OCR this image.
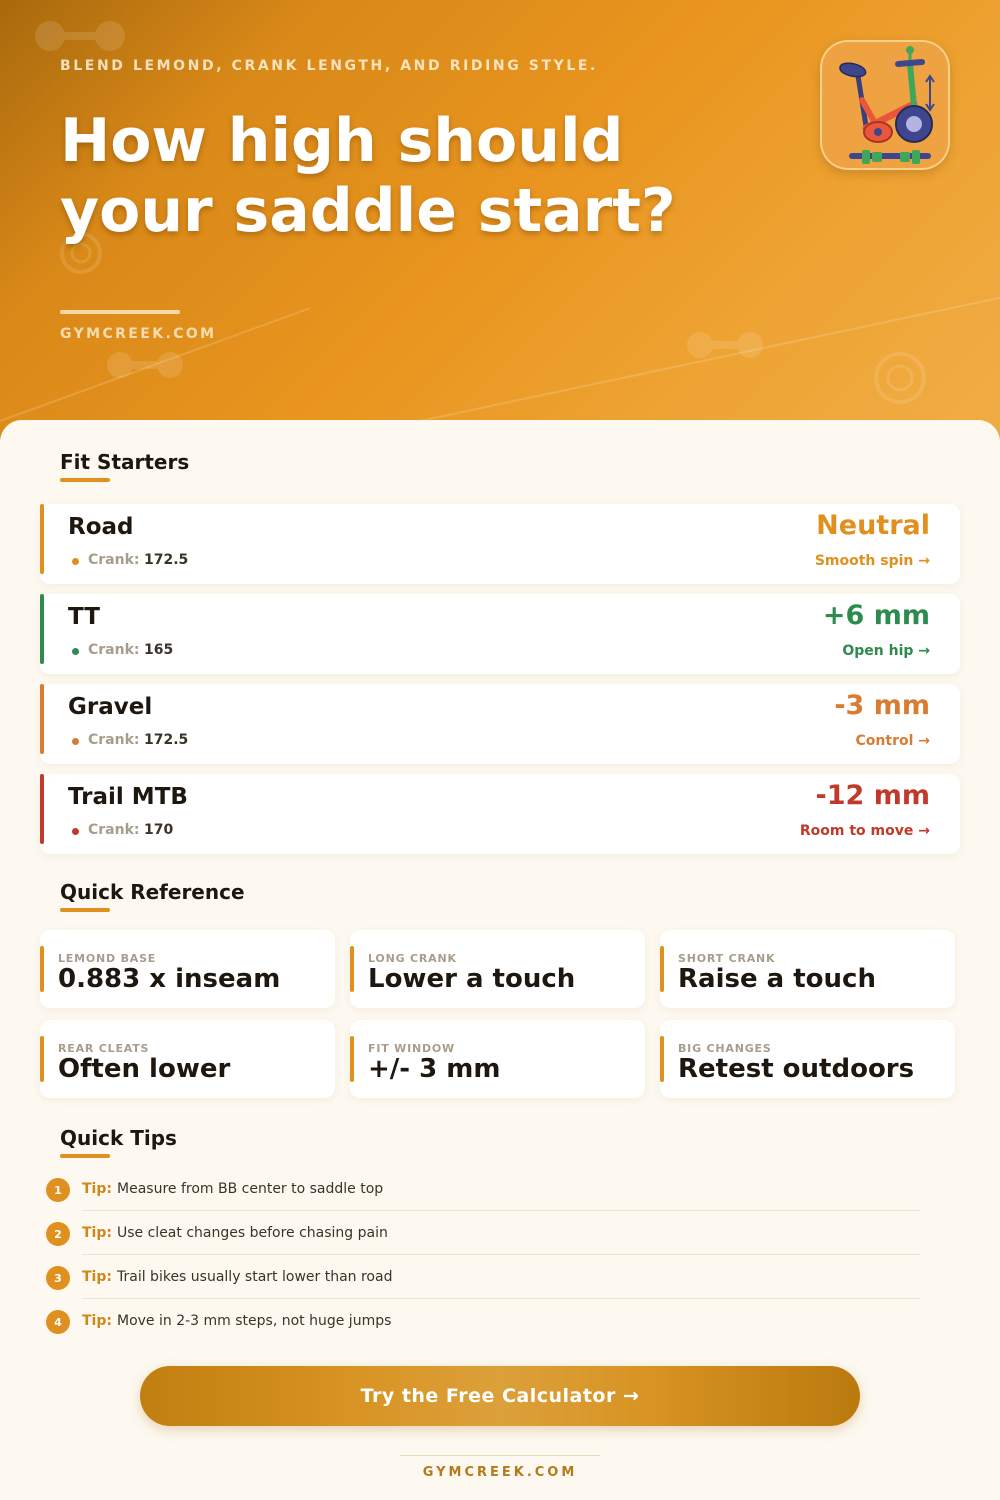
BLEND LEMOND, CRANK LENGTH, AND RIDING STYLE.
How high should
your saddle start?
GYMCREEK.COM
Fit Starters
Road
Crank: 172.5
Neutral
Smooth spin →
TT
Crank: 165
+6 mm
Open hip →
Gravel
Crank: 172.5
-3 mm
Control →
Trail MTB
Crank: 170
-12 mm
Room to move →
Quick Reference
LEMOND BASE
0.883 x inseam
LONG CRANK
Lower a touch
SHORT CRANK
Raise a touch
REAR CLEATS
Often lower
FIT WINDOW
+/- 3 mm
BIG CHANGES
Retest outdoors
Quick Tips
1	Tip: Measure from BB center to saddle top
2	Tip: Use cleat changes before chasing pain
3	Tip: Trail bikes usually start lower than road
4	Tip: Move in 2-3 mm steps, not huge jumps
Try the Free Calculator →
GYMCREEK.COM
